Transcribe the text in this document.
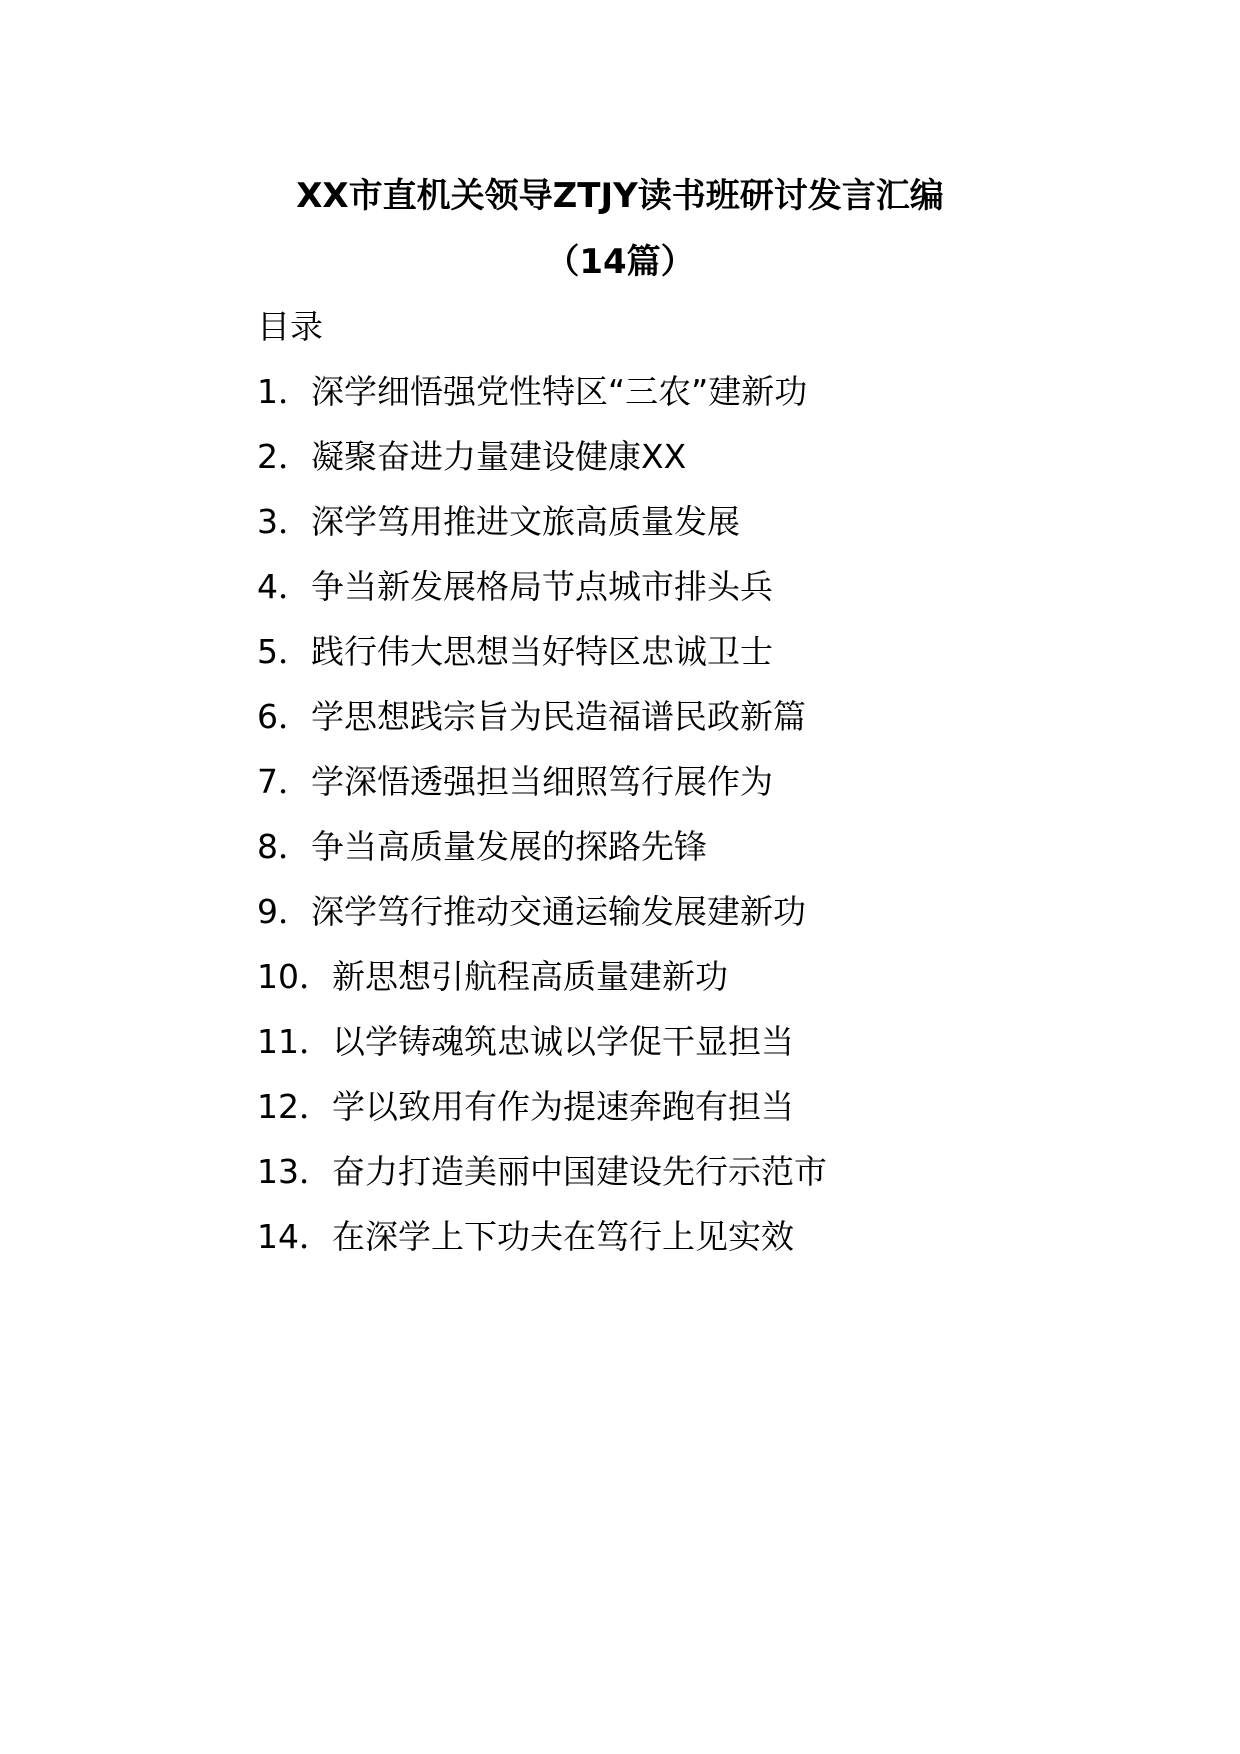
XX市直机关领导ZTJY读书班研讨发言汇编
（14篇）
目录
1．深学细悟强党性特区“三农”建新功
2．凝聚奋进力量建设健康XX
3．深学笃用推进文旅高质量发展
4．争当新发展格局节点城市排头兵
5．践行伟大思想当好特区忠诚卫士
6．学思想践宗旨为民造福谱民政新篇
7．学深悟透强担当细照笃行展作为
8．争当高质量发展的探路先锋
9．深学笃行推动交通运输发展建新功
10．新思想引航程高质量建新功
11．以学铸魂筑忠诚以学促干显担当
12．学以致用有作为提速奔跑有担当
13．奋力打造美丽中国建设先行示范市
14．在深学上下功夫在笃行上见实效
